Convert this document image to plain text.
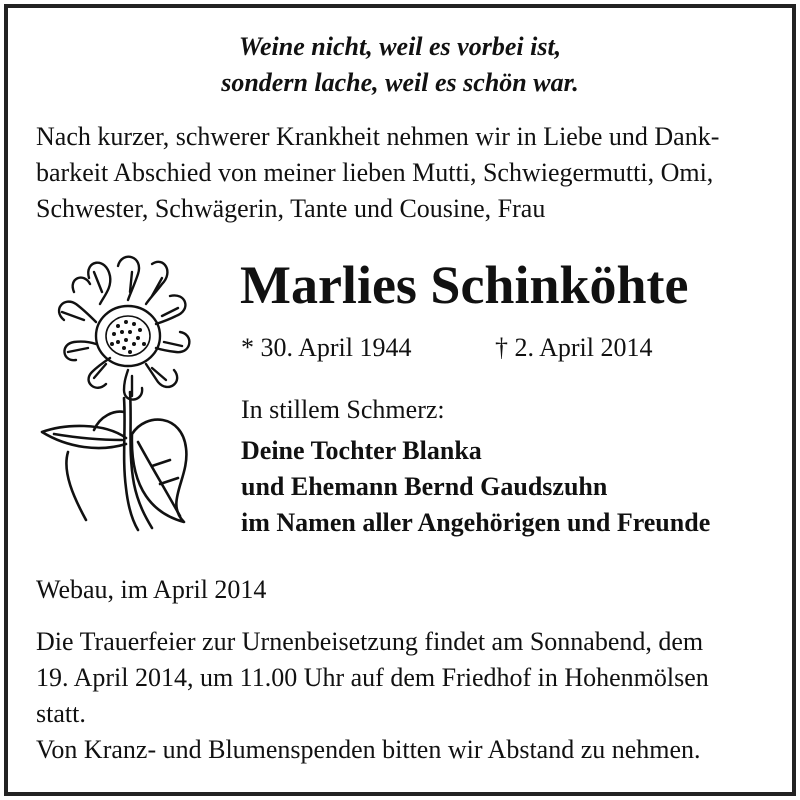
Weine nicht, weil es vorbei ist,
sondern lache, weil es schön war.
Nach kurzer, schwerer Krankheit nehmen wir in Liebe und Dank-
barkeit Abschied von meiner lieben Mutti, Schwiegermutti, Omi,
Schwester, Schwägerin, Tante und Cousine, Frau
Marlies Schinköhte
* 30. April 1944	† 2. April 2014
In stillem Schmerz:
Deine Tochter Blanka
und Ehemann Bernd Gaudszuhn
im Namen aller Angehörigen und Freunde
Webau, im April 2014
Die Trauerfeier zur Urnenbeisetzung findet am Sonnabend, dem
19. April 2014, um 11.00 Uhr auf dem Friedhof in Hohenmölsen
statt.
Von Kranz- und Blumenspenden bitten wir Abstand zu nehmen.
